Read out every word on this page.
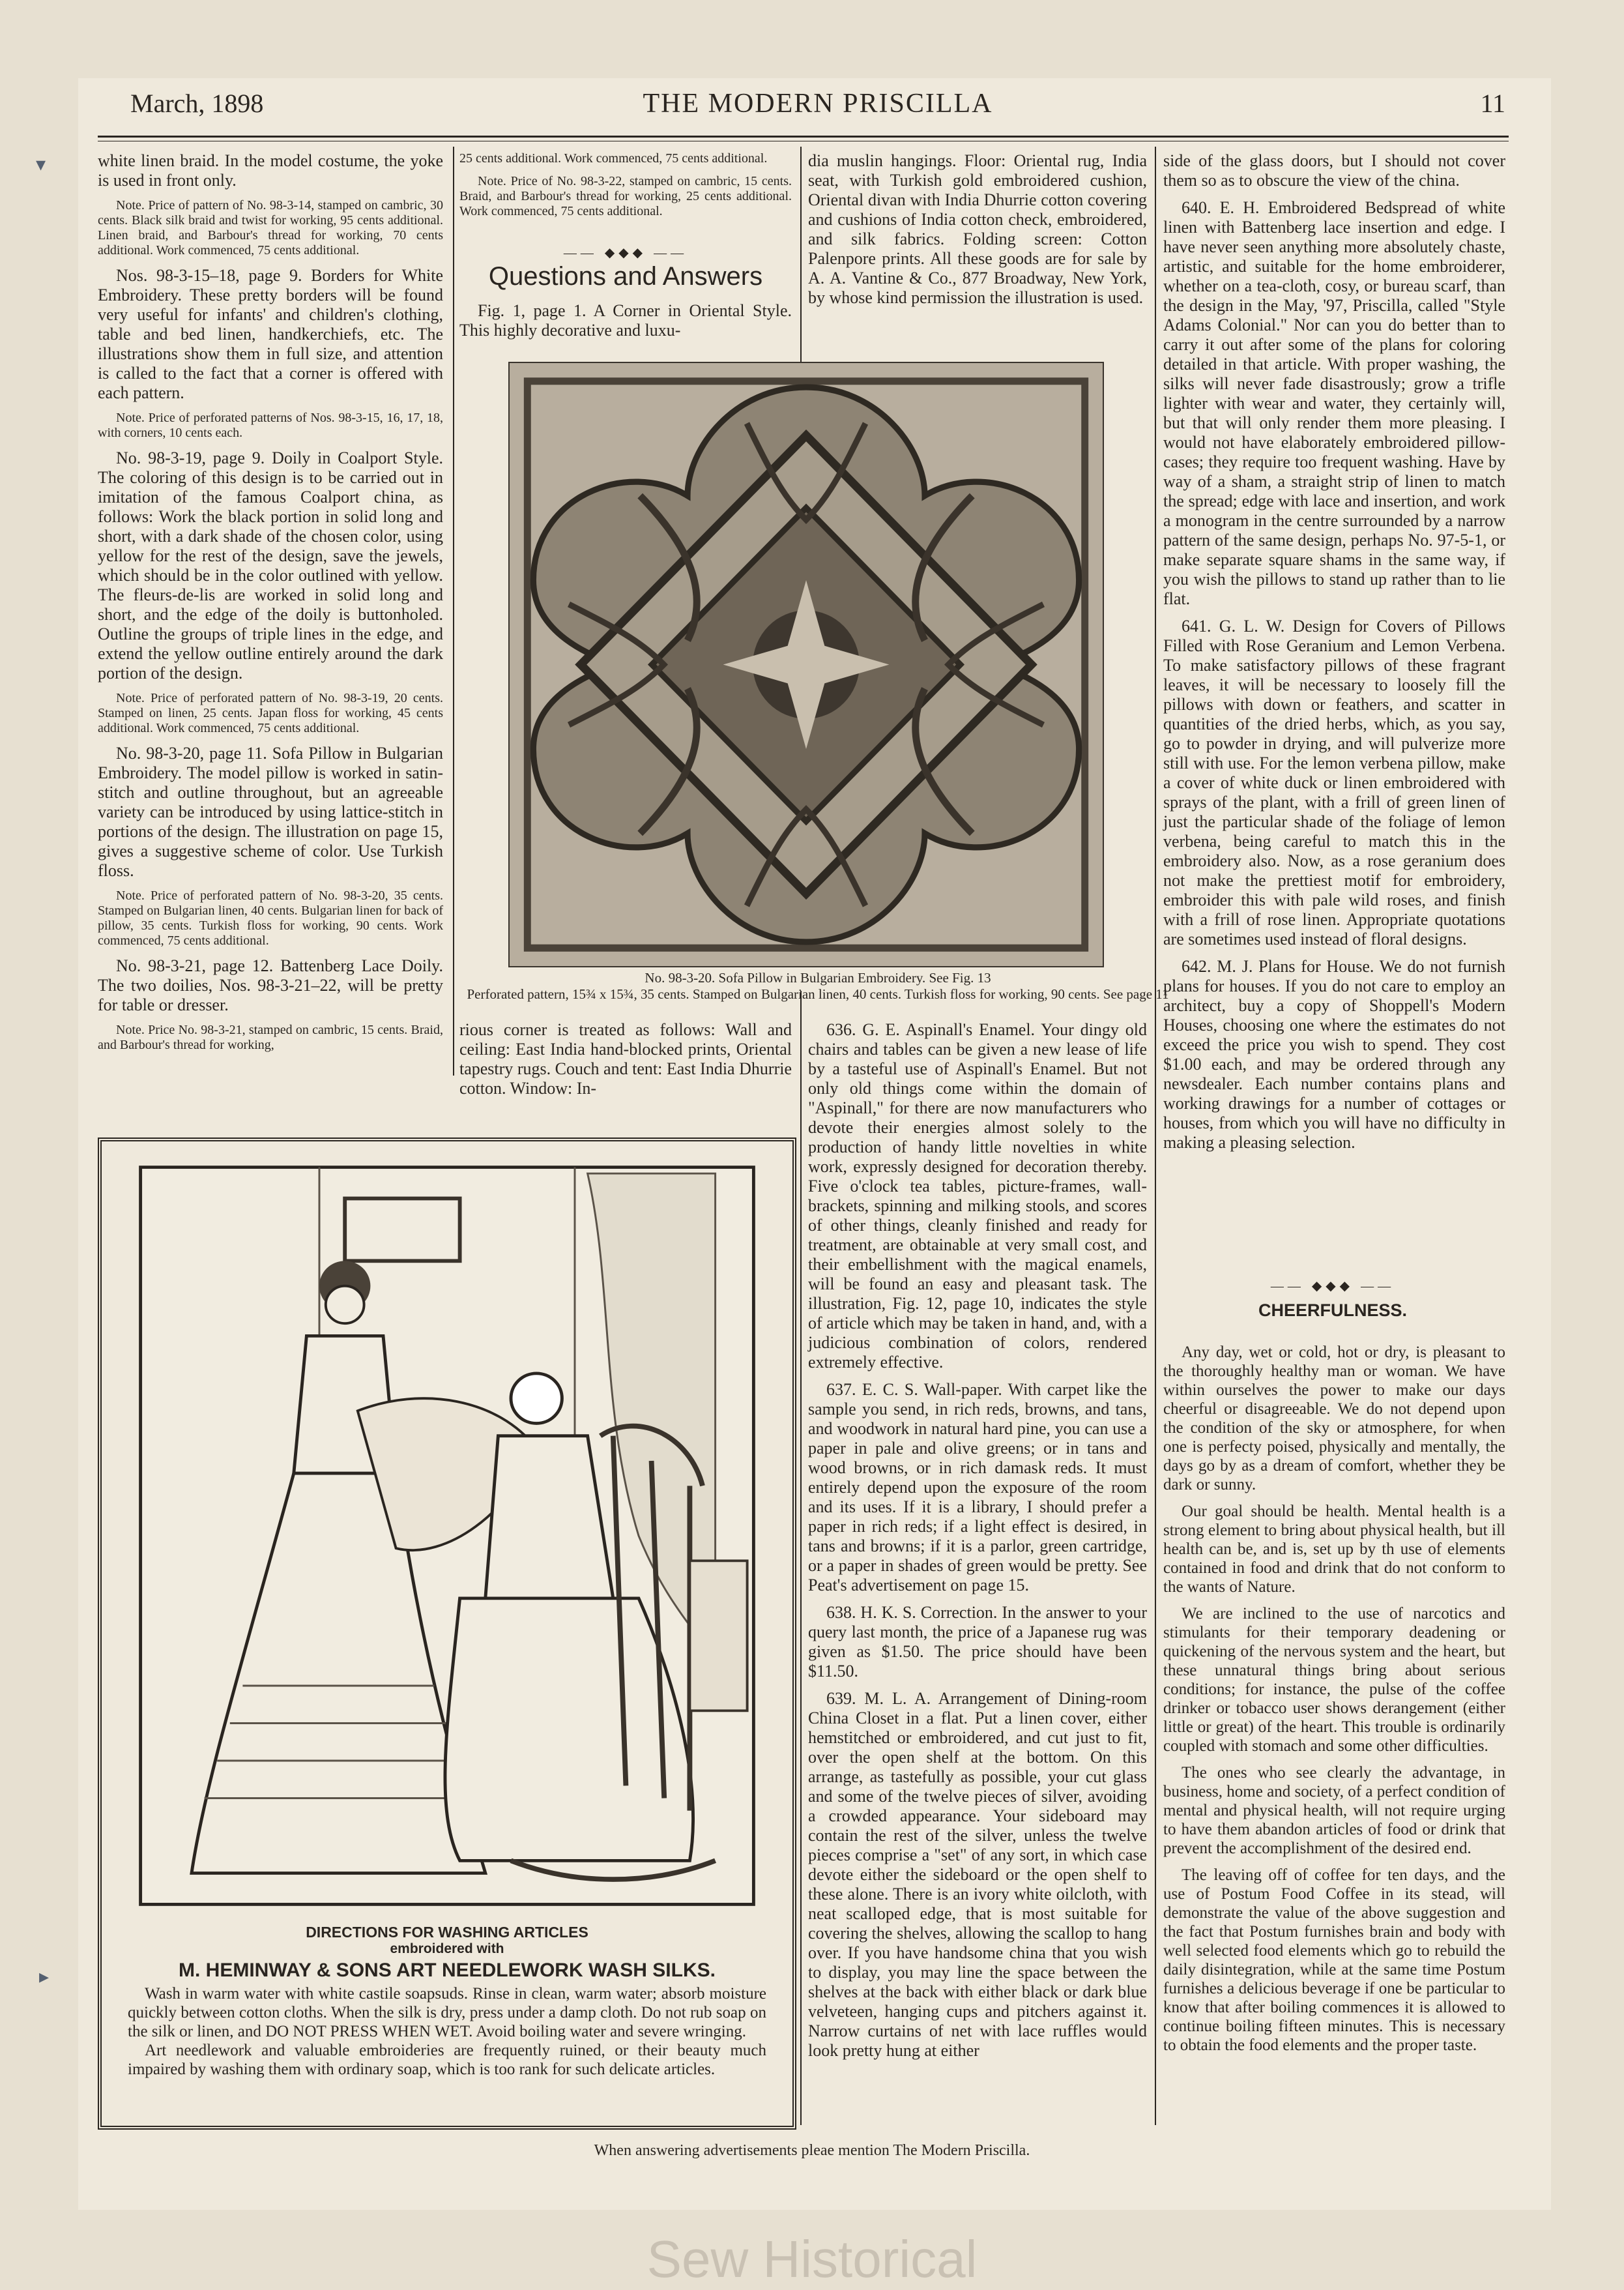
▾
▸
March, 1898	THE MODERN PRISCILLA	11

white linen braid. In the model costume, the yoke is used in front only.

Note. Price of pattern of No. 98-3-14, stamped on cambric, 30 cents. Black silk braid and twist for working, 95 cents additional. Linen braid, and Barbour's thread for working, 70 cents additional. Work commenced, 75 cents additional.

Nos. 98-3-15–18, page 9. Borders for White Embroidery. These pretty borders will be found very useful for infants' and children's clothing, table and bed linen, handkerchiefs, etc. The illustrations show them in full size, and attention is called to the fact that a corner is offered with each pattern.

Note. Price of perforated patterns of Nos. 98-3-15, 16, 17, 18, with corners, 10 cents each.

No. 98-3-19, page 9. Doily in Coalport Style. The coloring of this design is to be carried out in imitation of the famous Coalport china, as follows: Work the black portion in solid long and short, with a dark shade of the chosen color, using yellow for the rest of the design, save the jewels, which should be in the color outlined with yellow. The fleurs-de-lis are worked in solid long and short, and the edge of the doily is buttonholed. Outline the groups of triple lines in the edge, and extend the yellow outline entirely around the dark portion of the design.

Note. Price of perforated pattern of No. 98-3-19, 20 cents. Stamped on linen, 25 cents. Japan floss for working, 45 cents additional. Work commenced, 75 cents additional.

No. 98-3-20, page 11. Sofa Pillow in Bulgarian Embroidery. The model pillow is worked in satin-stitch and outline throughout, but an agreeable variety can be introduced by using lattice-stitch in portions of the design. The illustration on page 15, gives a suggestive scheme of color. Use Turkish floss.

Note. Price of perforated pattern of No. 98-3-20, 35 cents. Stamped on Bulgarian linen, 40 cents. Bulgarian linen for back of pillow, 35 cents. Turkish floss for working, 90 cents. Work commenced, 75 cents additional.

No. 98-3-21, page 12. Battenberg Lace Doily. The two doilies, Nos. 98-3-21–22, will be pretty for table or dresser.

Note. Price No. 98-3-21, stamped on cambric, 15 cents. Braid, and Barbour's thread for working,

25 cents additional. Work commenced, 75 cents additional.

Note. Price of No. 98-3-22, stamped on cambric, 15 cents. Braid, and Barbour's thread for working, 25 cents additional. Work commenced, 75 cents additional.

—— ◆◆◆ ——
Questions and Answers

Fig. 1, page 1. A Corner in Oriental Style. This highly decorative and luxu-

dia muslin hangings. Floor: Oriental rug, India seat, with Turkish gold embroidered cushion, Oriental divan with India Dhurrie cotton covering and cushions of India cotton check, embroidered, and silk fabrics. Folding screen: Cotton Palenpore prints. All these goods are for sale by A. A. Vantine & Co., 877 Broadway, New York, by whose kind permission the illustration is used.

No. 98-3-20. Sofa Pillow in Bulgarian Embroidery. See Fig. 13
Perforated pattern, 15¾ x 15¾, 35 cents. Stamped on Bulgarian linen, 40 cents. Turkish floss for working, 90 cents. See page 11

rious corner is treated as follows: Wall and ceiling: East India hand-blocked prints, Oriental tapestry rugs. Couch and tent: East India Dhurrie cotton. Window: In-

636. G. E. Aspinall's Enamel. Your dingy old chairs and tables can be given a new lease of life by a tasteful use of Aspinall's Enamel. But not only old things come within the domain of "Aspinall," for there are now manufacturers who devote their energies almost solely to the production of handy little novelties in white work, expressly designed for decoration thereby. Five o'clock tea tables, picture-frames, wall-brackets, spinning and milking stools, and scores of other things, cleanly finished and ready for treatment, are obtainable at very small cost, and their embellishment with the magical enamels, will be found an easy and pleasant task. The illustration, Fig. 12, page 10, indicates the style of article which may be taken in hand, and, with a judicious combination of colors, rendered extremely effective.

637. E. C. S. Wall-paper. With carpet like the sample you send, in rich reds, browns, and tans, and woodwork in natural hard pine, you can use a paper in pale and olive greens; or in tans and wood browns, or in rich damask reds. It must entirely depend upon the exposure of the room and its uses. If it is a library, I should prefer a paper in rich reds; if a light effect is desired, in tans and browns; if it is a parlor, green cartridge, or a paper in shades of green would be pretty. See Peat's advertisement on page 15.

638. H. K. S. Correction. In the answer to your query last month, the price of a Japanese rug was given as $1.50. The price should have been $11.50.

639. M. L. A. Arrangement of Dining-room China Closet in a flat. Put a linen cover, either hemstitched or embroidered, and cut just to fit, over the open shelf at the bottom. On this arrange, as tastefully as possible, your cut glass and some of the twelve pieces of silver, avoiding a crowded appearance. Your sideboard may contain the rest of the silver, unless the twelve pieces comprise a "set" of any sort, in which case devote either the sideboard or the open shelf to these alone. There is an ivory white oilcloth, with neat scalloped edge, that is most suitable for covering the shelves, allowing the scallop to hang over. If you have handsome china that you wish to display, you may line the space between the shelves at the back with either black or dark blue velveteen, hanging cups and pitchers against it. Narrow curtains of net with lace ruffles would look pretty hung at either

side of the glass doors, but I should not cover them so as to obscure the view of the china.

640. E. H. Embroidered Bedspread of white linen with Battenberg lace insertion and edge. I have never seen anything more absolutely chaste, artistic, and suitable for the home embroiderer, whether on a tea-cloth, cosy, or bureau scarf, than the design in the May, '97, Priscilla, called "Style Adams Colonial." Nor can you do better than to carry it out after some of the plans for coloring detailed in that article. With proper washing, the silks will never fade disastrously; grow a trifle lighter with wear and water, they certainly will, but that will only render them more pleasing. I would not have elaborately embroidered pillow-cases; they require too frequent washing. Have by way of a sham, a straight strip of linen to match the spread; edge with lace and insertion, and work a monogram in the centre surrounded by a narrow pattern of the same design, perhaps No. 97-5-1, or make separate square shams in the same way, if you wish the pillows to stand up rather than to lie flat.

641. G. L. W. Design for Covers of Pillows Filled with Rose Geranium and Lemon Verbena. To make satisfactory pillows of these fragrant leaves, it will be necessary to loosely fill the pillows with down or feathers, and scatter in quantities of the dried herbs, which, as you say, go to powder in drying, and will pulverize more still with use. For the lemon verbena pillow, make a cover of white duck or linen embroidered with sprays of the plant, with a frill of green linen of just the particular shade of the foliage of lemon verbena, being careful to match this in the embroidery also. Now, as a rose geranium does not make the prettiest motif for embroidery, embroider this with pale wild roses, and finish with a frill of rose linen. Appropriate quotations are sometimes used instead of floral designs.

642. M. J. Plans for House. We do not furnish plans for houses. If you do not care to employ an architect, buy a copy of Shoppell's Modern Houses, choosing one where the estimates do not exceed the price you wish to spend. They cost $1.00 each, and may be ordered through any newsdealer. Each number contains plans and working drawings for a number of cottages or houses, from which you will have no difficulty in making a pleasing selection.

—— ◆◆◆ ——
CHEERFULNESS.

Any day, wet or cold, hot or dry, is pleasant to the thoroughly healthy man or woman. We have within ourselves the power to make our days cheerful or disagreeable. We do not depend upon the condition of the sky or atmosphere, for when one is perfecty poised, physically and mentally, the days go by as a dream of comfort, whether they be dark or sunny.

Our goal should be health. Mental health is a strong element to bring about physical health, but ill health can be, and is, set up by th use of elements contained in food and drink that do not conform to the wants of Nature.

We are inclined to the use of narcotics and stimulants for their temporary deadening or quickening of the nervous system and the heart, but these unnatural things bring about serious conditions; for instance, the pulse of the coffee drinker or tobacco user shows derangement (either little or great) of the heart. This trouble is ordinarily coupled with stomach and some other difficulties.

The ones who see clearly the advantage, in business, home and society, of a perfect condition of mental and physical health, will not require urging to have them abandon articles of food or drink that prevent the accomplishment of the desired end.

The leaving off of coffee for ten days, and the use of Postum Food Coffee in its stead, will demonstrate the value of the above suggestion and the fact that Postum furnishes brain and body with well selected food elements which go to rebuild the daily disintegration, while at the same time Postum furnishes a delicious beverage if one be particular to know that after boiling commences it is allowed to continue boiling fifteen minutes. This is necessary to obtain the food elements and the proper taste.

DIRECTIONS FOR WASHING ARTICLES
embroidered with
M. HEMINWAY & SONS ART NEEDLEWORK WASH SILKS.

Wash in warm water with white castile soapsuds. Rinse in clean, warm water; absorb moisture quickly between cotton cloths. When the silk is dry, press under a damp cloth. Do not rub soap on the silk or linen, and DO NOT PRESS WHEN WET. Avoid boiling water and severe wringing.

Art needlework and valuable embroideries are frequently ruined, or their beauty much impaired by washing them with ordinary soap, which is too rank for such delicate articles.

When answering advertisements pleae mention The Modern Priscilla.
Sew Historical
